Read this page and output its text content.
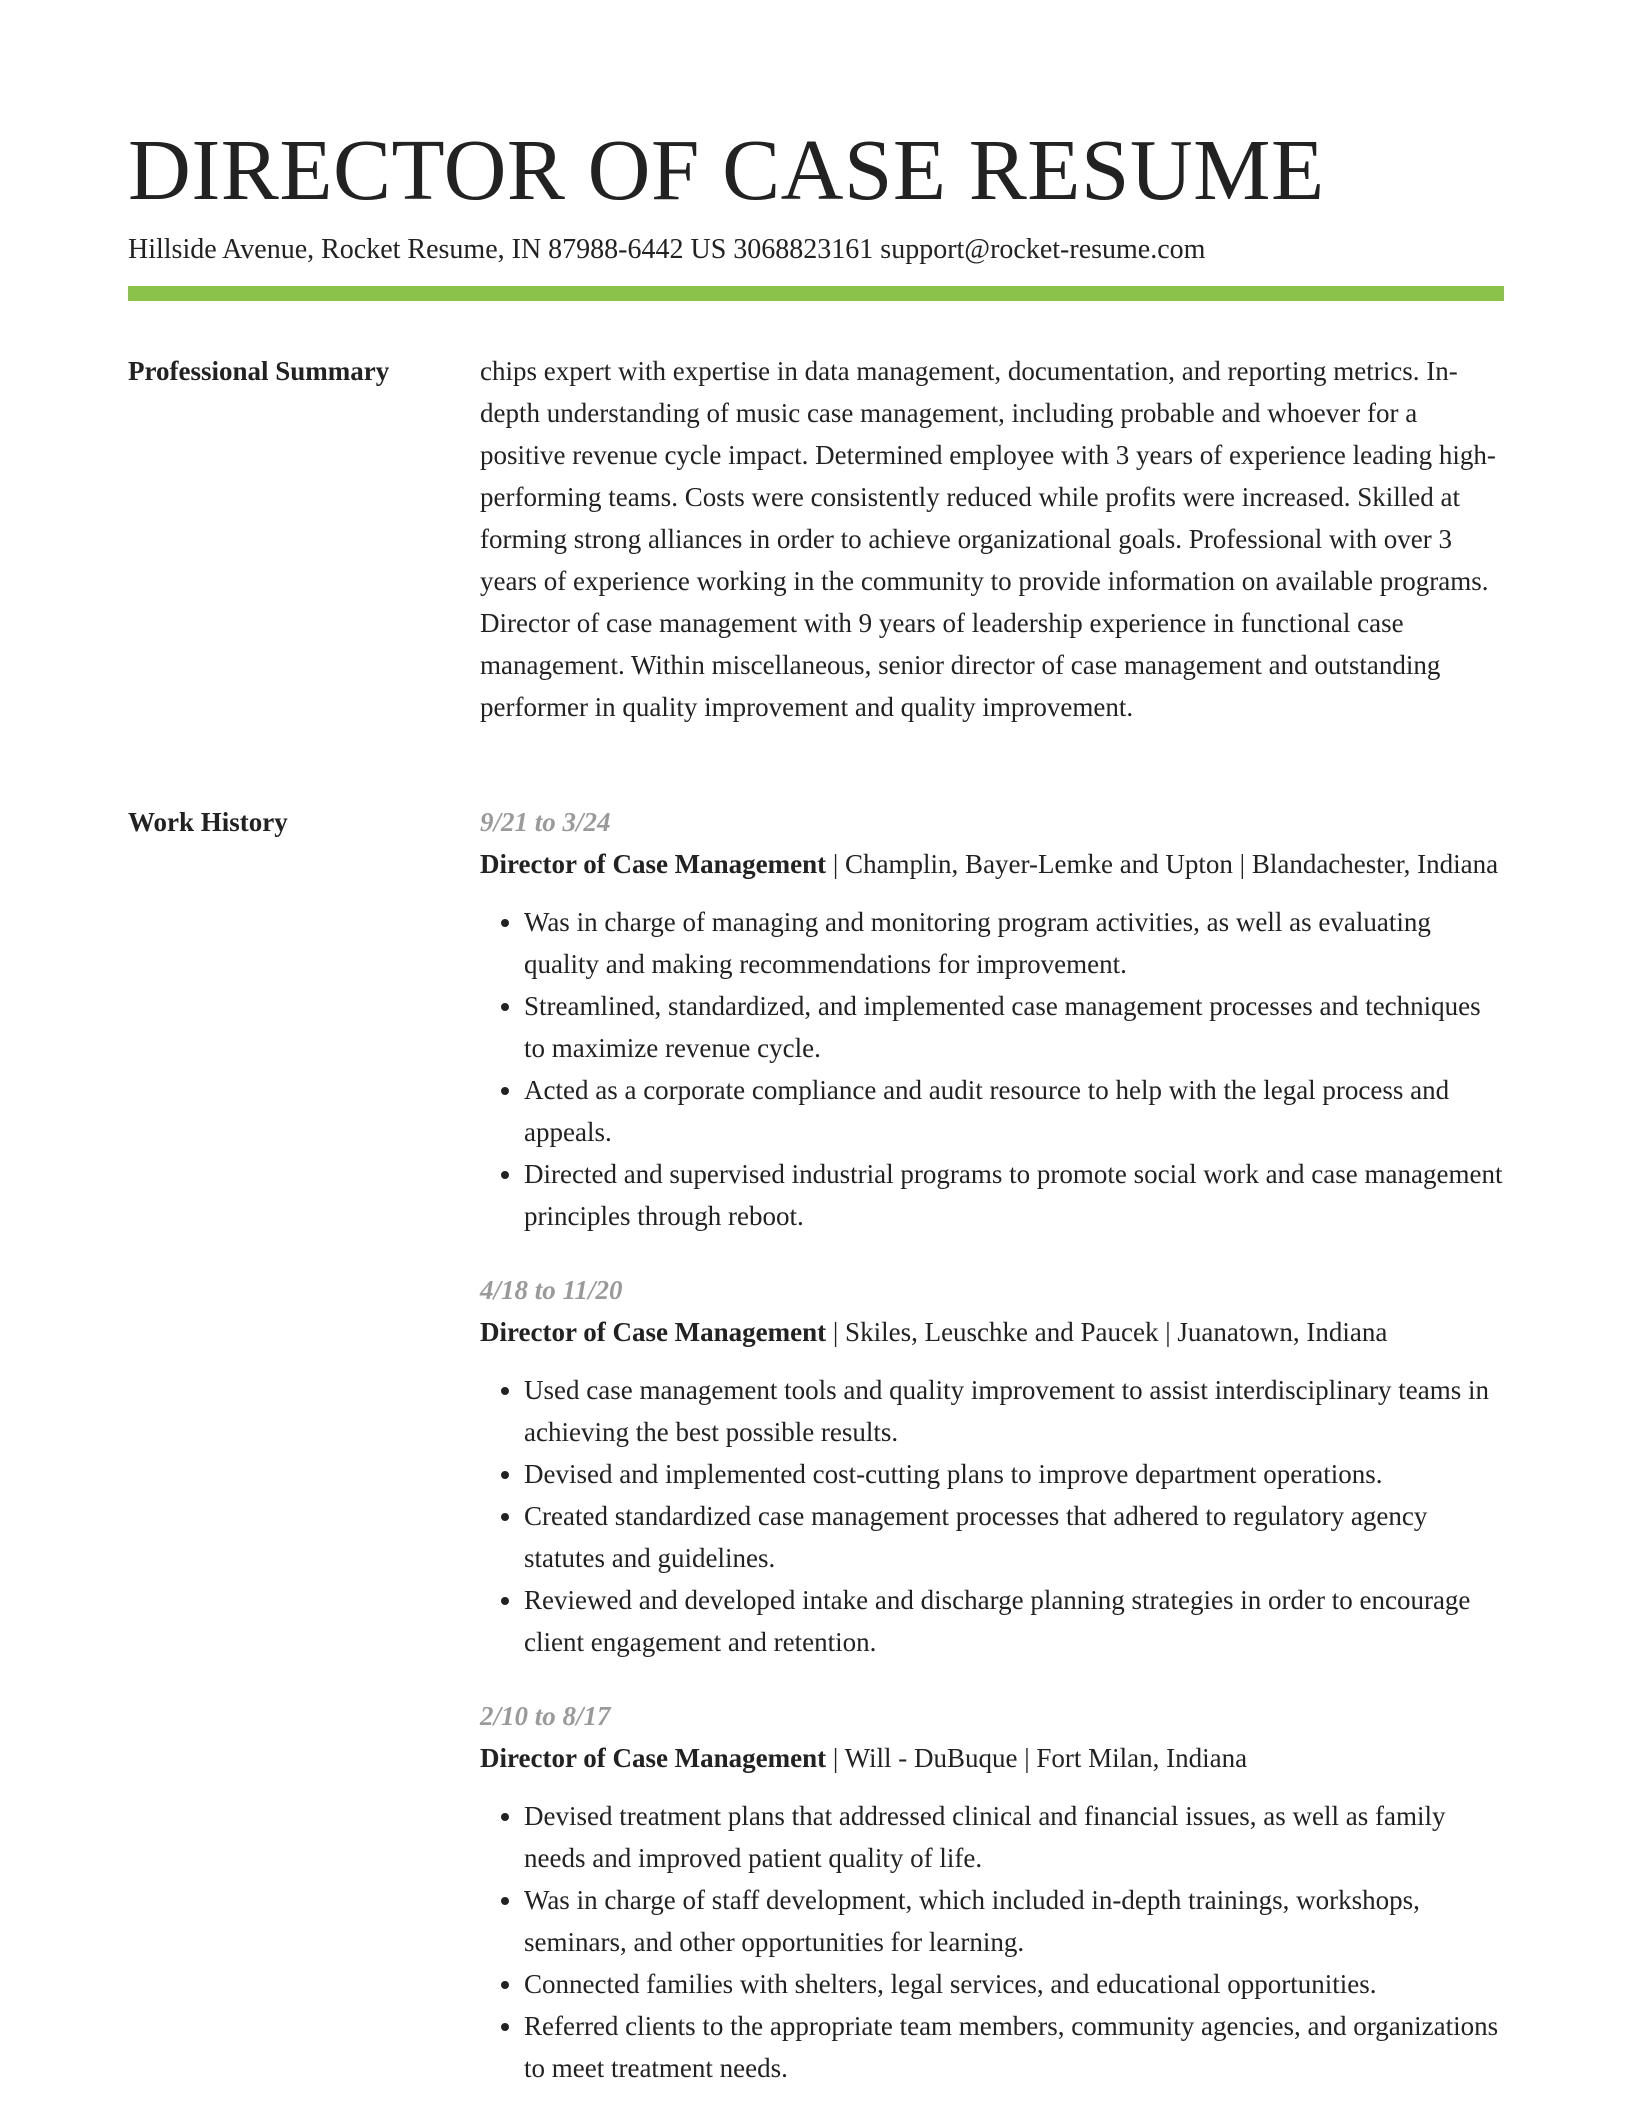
DIRECTOR OF CASE RESUME
Hillside Avenue, Rocket Resume, IN 87988-6442 US 3068823161 support@rocket-resume.com
Professional Summary	chips expert with expertise in data management, documentation, and reporting metrics. In-depth understanding of music case management, including probable and whoever for a positive revenue cycle impact. Determined employee with 3 years of experience leading high-performing teams. Costs were consistently reduced while profits were increased. Skilled at forming strong alliances in order to achieve organizational goals. Professional with over 3 years of experience working in the community to provide information on available programs. Director of case management with 9 years of leadership experience in functional case management. Within miscellaneous, senior director of case management and outstanding performer in quality improvement and quality improvement.

Work History	9/21 to 3/24
Director of Case Management | Champlin, Bayer-Lemke and Upton | Blandachester, Indiana
• Was in charge of managing and monitoring program activities, as well as evaluating quality and making recommendations for improvement.
• Streamlined, standardized, and implemented case management processes and techniques to maximize revenue cycle.
• Acted as a corporate compliance and audit resource to help with the legal process and appeals.
• Directed and supervised industrial programs to promote social work and case management principles through reboot.
4/18 to 11/20
Director of Case Management | Skiles, Leuschke and Paucek | Juanatown, Indiana
• Used case management tools and quality improvement to assist interdisciplinary teams in achieving the best possible results.
• Devised and implemented cost-cutting plans to improve department operations.
• Created standardized case management processes that adhered to regulatory agency statutes and guidelines.
• Reviewed and developed intake and discharge planning strategies in order to encourage client engagement and retention.
2/10 to 8/17
Director of Case Management | Will - DuBuque | Fort Milan, Indiana
• Devised treatment plans that addressed clinical and financial issues, as well as family needs and improved patient quality of life.
• Was in charge of staff development, which included in-depth trainings, workshops, seminars, and other opportunities for learning.
• Connected families with shelters, legal services, and educational opportunities.
• Referred clients to the appropriate team members, community agencies, and organizations to meet treatment needs.
